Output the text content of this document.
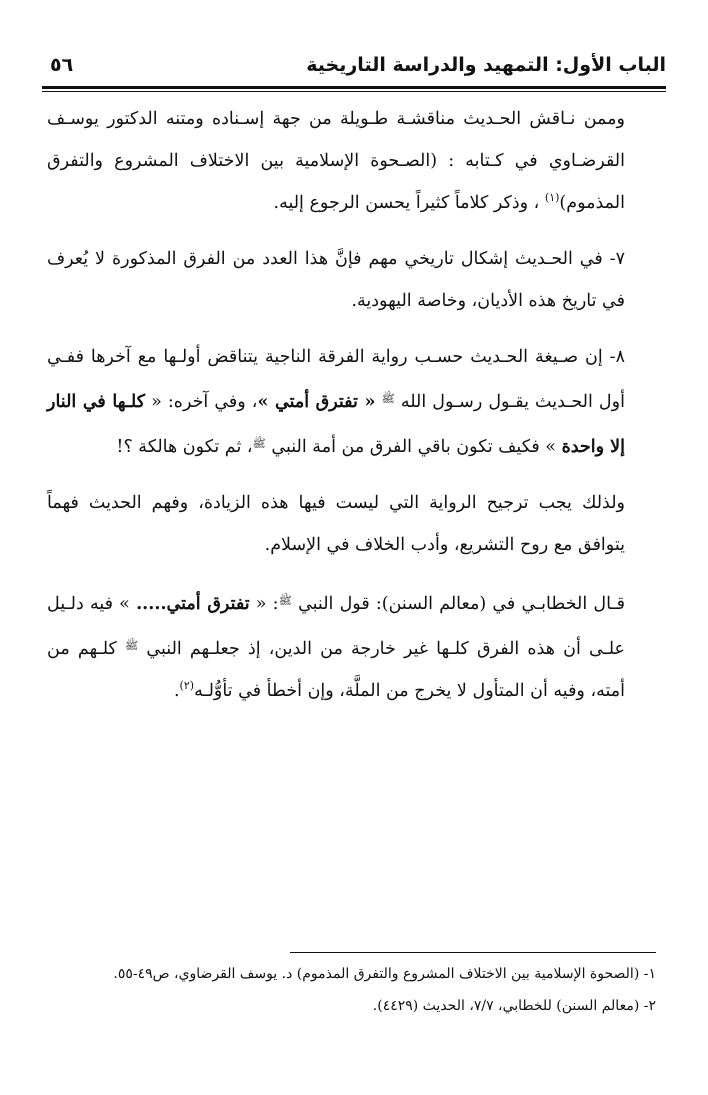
الباب الأول: التمهيد والدراسة التاريخية
٥٦

وممن نـاقش الحـديث مناقشـة طـويلة من جهة إسـناده ومتنه الدكتور يوسـف القرضـاوي في كـتابه : (الصـحوة الإسلامية بين الاختلاف المشروع والتفرق المذموم)$^{(١)}$ ، وذكر كلاماً كثيراً يحسن الرجوع إليه.

٧- في الحـديث إشكال تاريخي مهم فإنَّ هذا العدد من الفرق المذكورة لا يُعرف في تاريخ هذه الأديان، وخاصة اليهودية.

٨- إن صـيغة الحـديث حسـب رواية الفرقة الناجية يتناقض أولـها مع آخرها ففـي أول الحـديث يقـول رسـول الله $^ﷺ$ « تفترق أمتي »، وفي آخره: « كلـها في النار إلا واحدة » فكيف تكون باقي الفرق من أمة النبي $^ﷺ$، ثم تكون هالكة ؟!

ولذلك يجب ترجيح الرواية التي ليست فيها هذه الزيادة، وفهم الحديث فهماً يتوافق مع روح التشريع، وأدب الخلاف في الإسلام.

قـال الخطابـي في (معالم السنن): قول النبي $^ﷺ$: « تفترق أمتي..... » فيه دلـيل علـى أن هذه الفرق كلـها غير خارجة من الدين، إذ جعلـهم النبي $^ﷺ$ كلـهم من أمته، وفيه أن المتأول لا يخرج من الملَّة، وإن أخطأ في تأوُّلـه$^{(٢)}$.

١- (الصحوة الإسلامية بين الاختلاف المشروع والتفرق المذموم) د. يوسف القرضاوي، ص٤٩-٥٥.

٢- (معالم السنن) للخطابي، ٧/٧، الحديث (٤٤٢٩).
